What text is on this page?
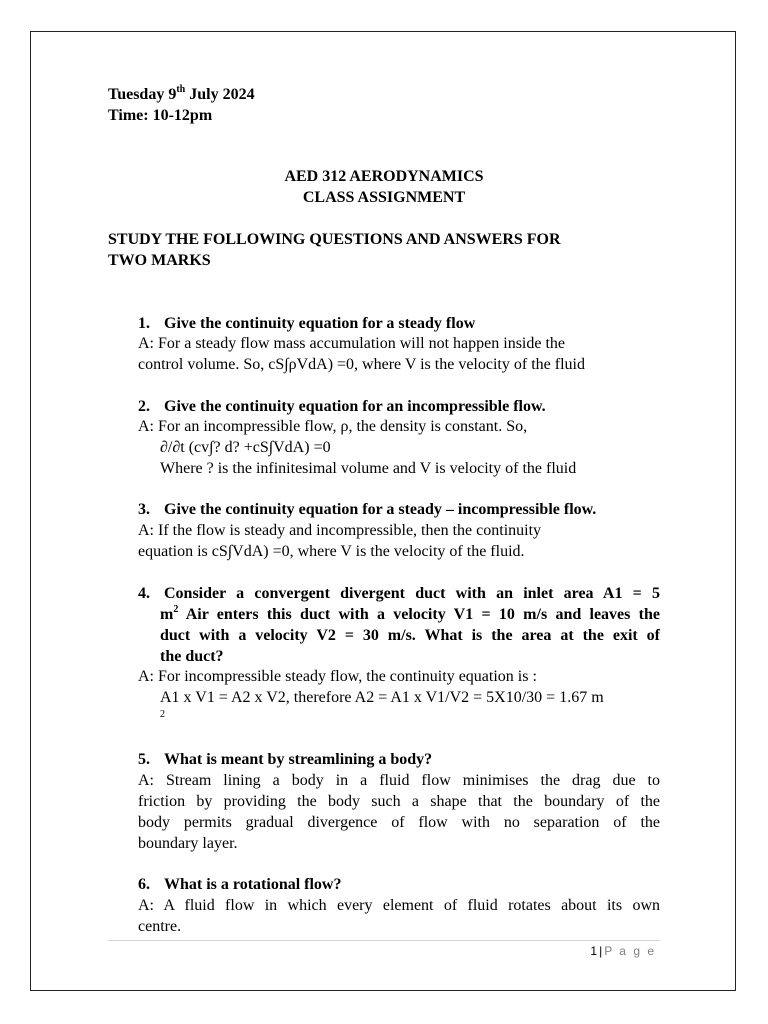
Tuesday 9th July 2024
Time: 10-12pm
AED 312 AERODYNAMICS
CLASS ASSIGNMENT
STUDY THE FOLLOWING QUESTIONS AND ANSWERS FOR
TWO MARKS
1. Give the continuity equation for a steady flow
A: For a steady flow mass accumulation will not happen inside the
control volume. So, cS∫ρVdA) =0, where V is the velocity of the fluid
2. Give the continuity equation for an incompressible flow.
A: For an incompressible flow, ρ, the density is constant. So,
∂/∂t (cv∫? d? +cS∫VdA) =0
Where ? is the infinitesimal volume and V is velocity of the fluid
3. Give the continuity equation for a steady – incompressible flow.
A: If the flow is steady and incompressible, then the continuity
equation is cS∫VdA) =0, where V is the velocity of the fluid.
4. Consider a convergent divergent duct with an inlet area A1 = 5
$m^2$ Air enters this duct with a velocity V1 = 10 m/s and leaves the
duct with a velocity V2 = 30 m/s. What is the area at the exit of
the duct?
A: For incompressible steady flow, the continuity equation is :
A1 x V1 = A2 x V2, therefore A2 = A1 x V1/V2 = 5X10/30 = 1.67 m
2
5. What is meant by streamlining a body?
A: Stream lining a body in a fluid flow minimises the drag due to
friction by providing the body such a shape that the boundary of the
body permits gradual divergence of flow with no separation of the
boundary layer.
6. What is a rotational flow?
A: A fluid flow in which every element of fluid rotates about its own
centre.
1 | P a g e
